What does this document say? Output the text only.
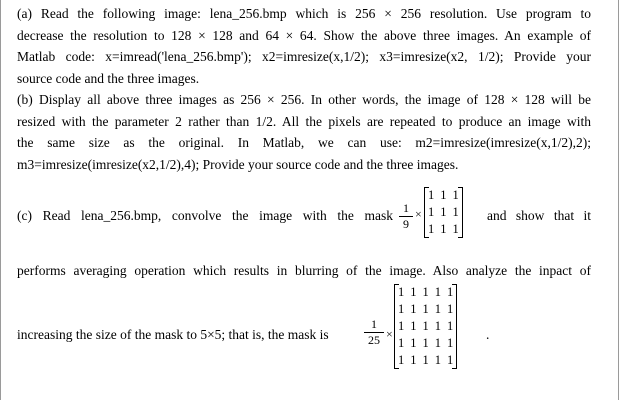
(a) Read the following image: lena_256.bmp which is 256 × 256 resolution. Use program to
decrease the resolution to 128 × 128 and 64 × 64. Show the above three images. An example of
Matlab code: x=imread('lena_256.bmp'); x2=imresize(x,1/2); x3=imresize(x2, 1/2); Provide your
source code and the three images.
(b) Display all above three images as 256 × 256. In other words, the image of 128 × 128 will be
resized with the parameter 2 rather than 1/2. All the pixels are repeated to produce an image with
the same size as the original. In Matlab, we can use: m2=imresize(imresize(x,1/2),2);
m3=imresize(imresize(x2,1/2),4); Provide your source code and the three images.
(c) Read lena_256.bmp, convolve the image with the mask 1
9
×
1	1	1
1	1	1
1	1	1
and show that it
performs averaging operation which results in blurring of the image. Also analyze the inpact of
increasing the size of the mask to 5×5; that is, the mask is
1
25 ×
1	1	1	1	1
1	1	1	1	1
1	1	1	1	1
1	1	1	1	1
1	1	1	1	1
.
